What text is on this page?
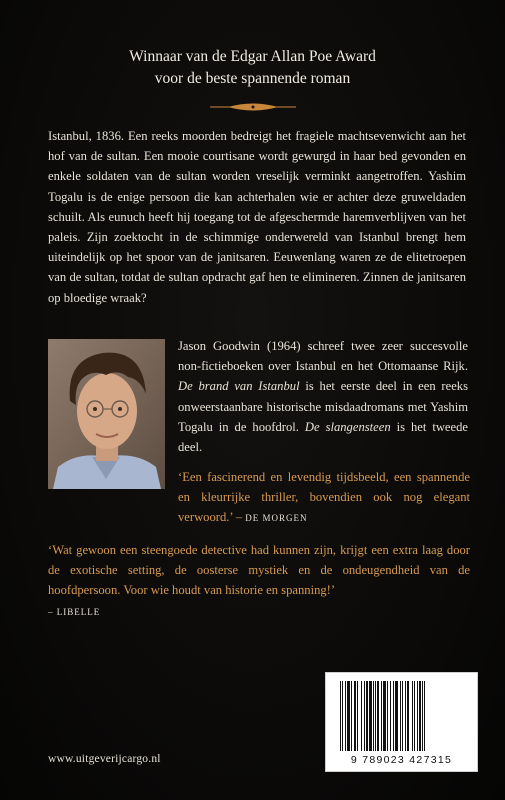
Winnaar van de Edgar Allan Poe Award
voor de beste spannende roman
Istanbul, 1836. Een reeks moorden bedreigt het fragiele machtsevenwicht aan het hof van de sultan. Een mooie courtisane wordt gewurgd in haar bed gevonden en enkele soldaten van de sultan worden vreselijk verminkt aangetroffen. Yashim Togalu is de enige persoon die kan achterhalen wie er achter deze gruweldaden schuilt. Als eunuch heeft hij toegang tot de afgeschermde haremverblijven van het paleis. Zijn zoektocht in de schimmige onderwereld van Istanbul brengt hem uiteindelijk op het spoor van de janitsaren. Eeuwenlang waren ze de elitetroepen van de sultan, totdat de sultan opdracht gaf hen te elimineren. Zinnen de janitsaren op bloedige wraak?
Jason Goodwin (1964) schreef twee zeer succesvolle non-fictieboeken over Istanbul en het Ottomaanse Rijk. De brand van Istanbul is het eerste deel in een reeks onweerstaanbare historische misdaadromans met Yashim Togalu in de hoofdrol. De slangensteen is het tweede deel.
‘Een fascinerend en levendig tijdsbeeld, een spannende en kleurrijke thriller, bovendien ook nog elegant verwoord.’ – DE MORGEN
‘Wat gewoon een steengoede detective had kunnen zijn, krijgt een extra laag door de exotische setting, de oosterse mystiek en de ondeugendheid van de hoofdpersoon. Voor wie houdt van historie en spanning!’
– LIBELLE
www.uitgeverijcargo.nl	9 789023 427315
